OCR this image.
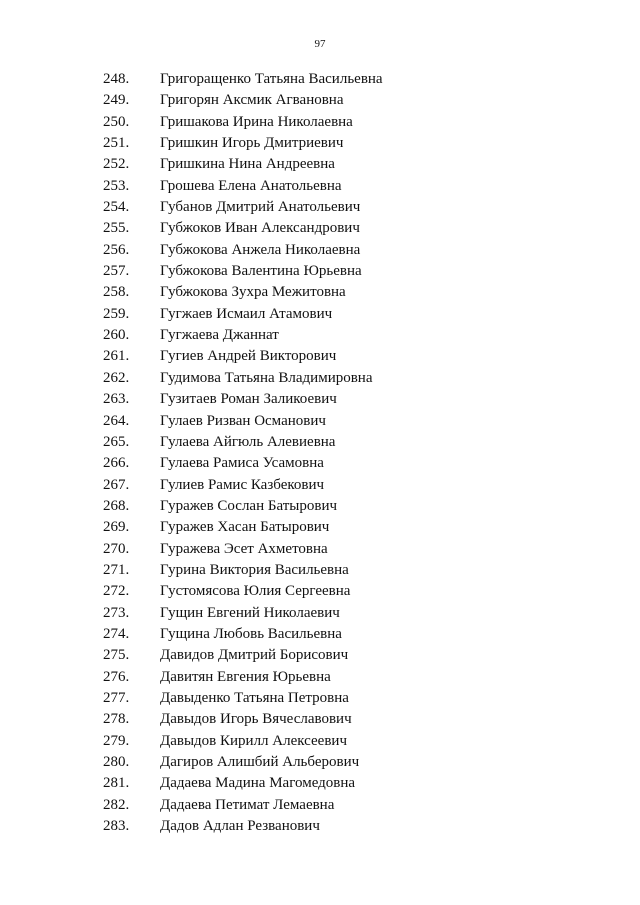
97
248. Григоращенко Татьяна Васильевна
249. Григорян Аксмик Агвановна
250. Гришакова Ирина Николаевна
251. Гришкин Игорь Дмитриевич
252. Гришкина Нина Андреевна
253. Грошева Елена Анатольевна
254. Губанов Дмитрий Анатольевич
255. Губжоков Иван Александрович
256. Губжокова Анжела Николаевна
257. Губжокова Валентина Юрьевна
258. Губжокова Зухра Межитовна
259. Гугжаев Исмаил Атамович
260. Гугжаева Джаннат
261. Гугиев Андрей Викторович
262. Гудимова Татьяна Владимировна
263. Гузитаев Роман Заликоевич
264. Гулаев Ризван Османович
265. Гулаева Айгюль Алевиевна
266. Гулаева Рамиса Усамовна
267. Гулиев Рамис Казбекович
268. Гуражев Сослан Батырович
269. Гуражев Хасан Батырович
270. Гуражева Эсет Ахметовна
271. Гурина Виктория Васильевна
272. Густомясова Юлия Сергеевна
273. Гущин Евгений Николаевич
274. Гущина Любовь Васильевна
275. Давидов Дмитрий Борисович
276. Давитян Евгения Юрьевна
277. Давыденко Татьяна Петровна
278. Давыдов Игорь Вячеславович
279. Давыдов Кирилл Алексеевич
280. Дагиров Алишбий Альберович
281. Дадаева Мадина Магомедовна
282. Дадаева Петимат Лемаевна
283. Дадов Адлан Резванович
